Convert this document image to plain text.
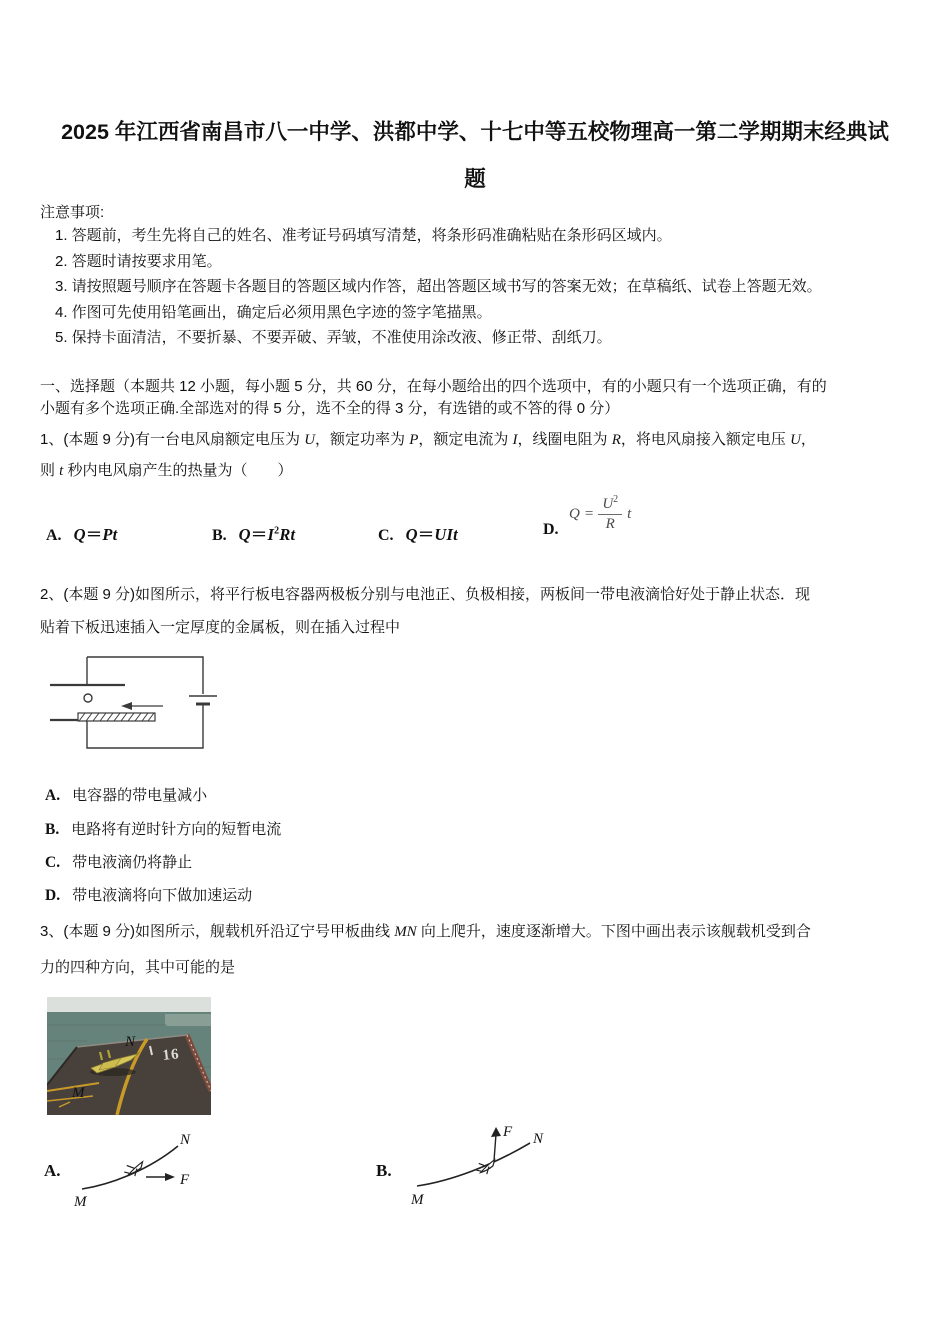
2025 年江西省南昌市八一中学、洪都中学、十七中等五校物理高一第二学期期末经典试
题
注意事项:
1. 答题前，考生先将自己的姓名、准考证号码填写清楚，将条形码准确粘贴在条形码区域内。
2. 答题时请按要求用笔。
3. 请按照题号顺序在答题卡各题目的答题区域内作答，超出答题区域书写的答案无效；在草稿纸、试卷上答题无效。
4. 作图可先使用铅笔画出，确定后必须用黑色字迹的签字笔描黑。
5. 保持卡面清洁，不要折暴、不要弄破、弄皱，不准使用涂改液、修正带、刮纸刀。
一、选择题（本题共 12 小题，每小题 5 分，共 60 分，在每小题给出的四个选项中，有的小题只有一个选项正确，有的
小题有多个选项正确.全部选对的得 5 分，选不全的得 3 分，有选错的或不答的得 0 分）
1、(本题 9 分)有一台电风扇额定电压为 U，额定功率为 P，额定电流为 I，线圈电阻为 R，将电风扇接入额定电压 U，
则 t 秒内电风扇产生的热量为（　　）
A. Q＝Pt	B. $Q=I^2Rt$	C. Q＝UIt	D.
$Q = \frac{U^2}{R}$ t
2、(本题 9 分)如图所示，将平行板电容器两极板分别与电池正、负极相接，两板间一带电液滴恰好处于静止状态．现
贴着下板迅速插入一定厚度的金属板，则在插入过程中
A. 电容器的带电量减小
B. 电路将有逆时针方向的短暂电流
C. 带电液滴仍将静止
D. 带电液滴将向下做加速运动
3、(本题 9 分)如图所示，舰载机歼沿辽宁号甲板曲线 MN 向上爬升，速度逐渐增大。下图中画出表示该舰载机受到合
力的四种方向，其中可能的是
16
N
M
A.
N
F
M
B.
N
F
M
